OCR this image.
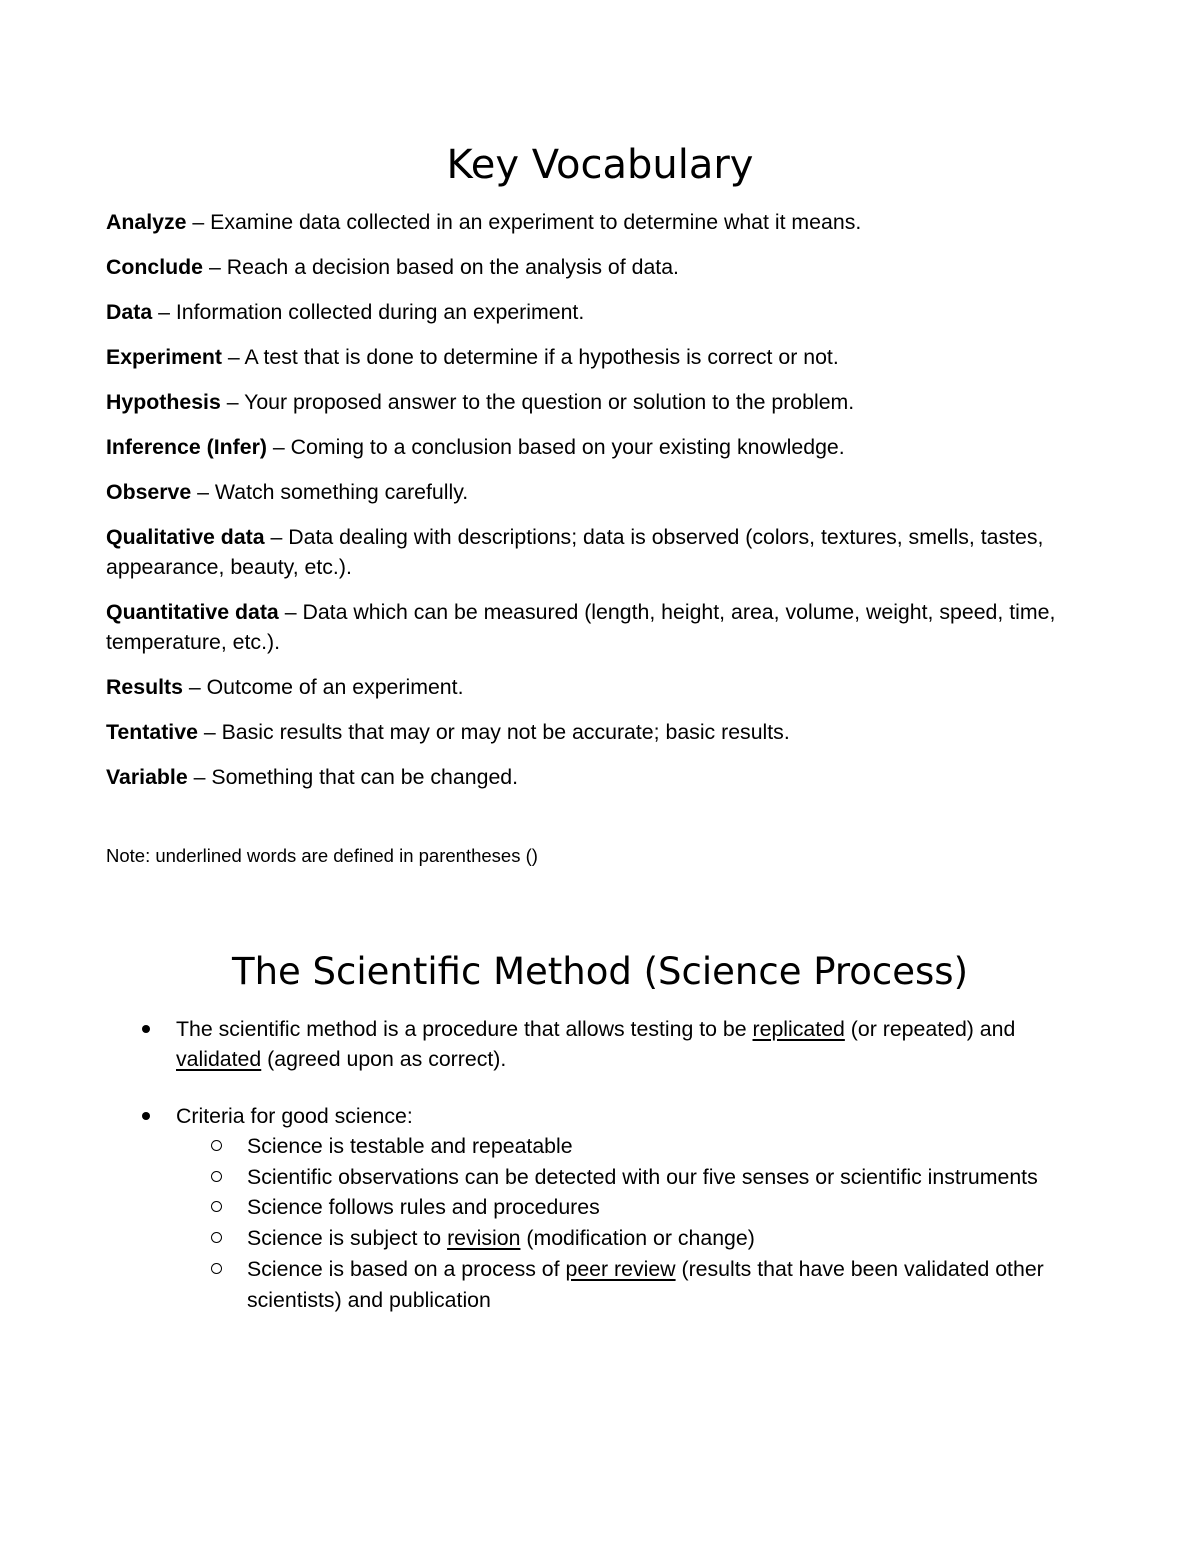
Key Vocabulary

Analyze – Examine data collected in an experiment to determine what it means.

Conclude – Reach a decision based on the analysis of data.

Data – Information collected during an experiment.

Experiment – A test that is done to determine if a hypothesis is correct or not.

Hypothesis – Your proposed answer to the question or solution to the problem.

Inference (Infer) – Coming to a conclusion based on your existing knowledge.

Observe – Watch something carefully.

Qualitative data – Data dealing with descriptions; data is observed (colors, textures, smells, tastes, appearance, beauty, etc.).

Quantitative data – Data which can be measured (length, height, area, volume, weight, speed, time, temperature, etc.).

Results – Outcome of an experiment.

Tentative – Basic results that may or may not be accurate; basic results.

Variable – Something that can be changed.

Note: underlined words are defined in parentheses ()
The Scientific Method (Science Process)
The scientific method is a procedure that allows testing to be replicated (or repeated) and validated (agreed upon as correct).
Criteria for good science:
Science is testable and repeatable
Scientific observations can be detected with our five senses or scientific instruments
Science follows rules and procedures
Science is subject to revision (modification or change)
Science is based on a process of peer review (results that have been validated other scientists) and publication
